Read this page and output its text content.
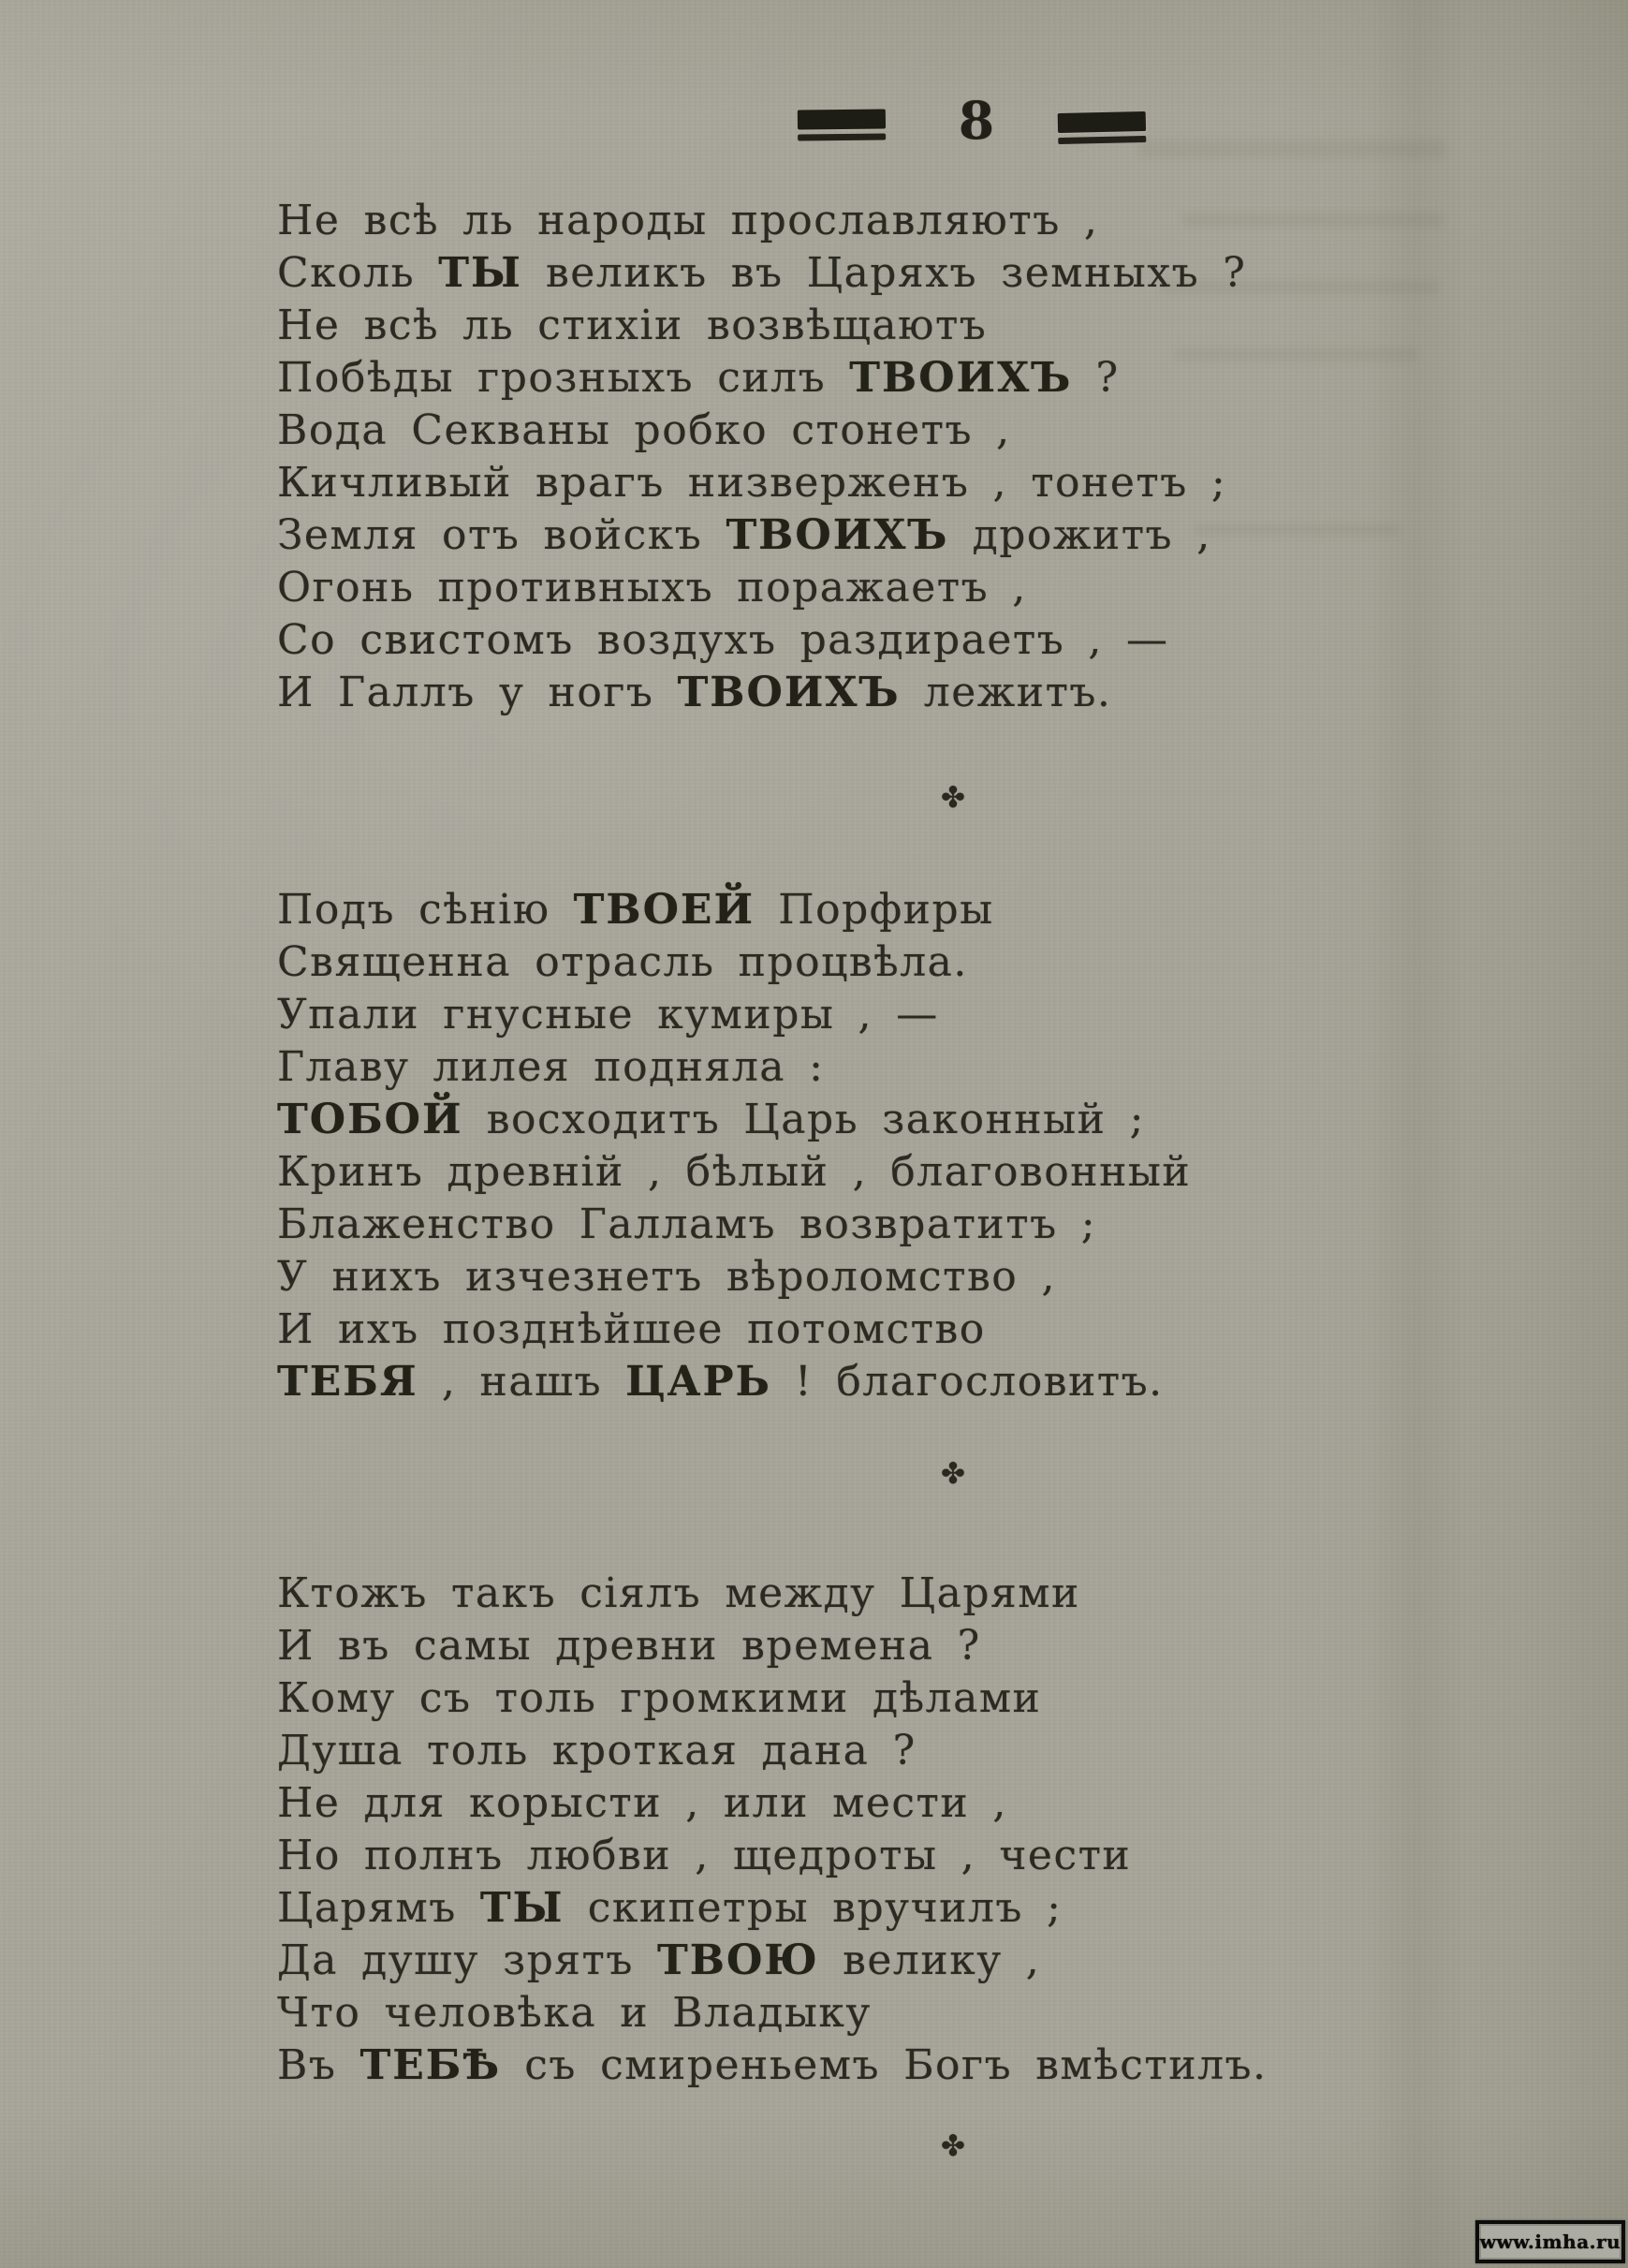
8
Не всѣ ль народы прославляютъ ,
Сколь ТЫ великъ въ Царяхъ земныхъ ?
Не всѣ ль стихіи возвѣщаютъ
Побѣды грозныхъ силъ ТВОИХЪ ?
Вода Секваны робко стонетъ ,
Кичливый врагъ низверженъ , тонетъ ;
Земля отъ войскъ ТВОИХЪ дрожитъ ,
Огонь противныхъ поражаетъ ,
Со свистомъ воздухъ раздираетъ , —
И Галлъ у ногъ ТВОИХЪ лежитъ.
✤
Подъ сѣнію ТВОЕЙ Порфиры
Священна отрасль процвѣла.
Упали гнусные кумиры , —
Главу лилея подняла :
ТОБОЙ восходитъ Царь законный ;
Кринъ древній , бѣлый , благовонный
Блаженство Галламъ возвратитъ ;
У нихъ изчезнетъ вѣроломство ,
И ихъ позднѣйшее потомство
ТЕБЯ , нашъ ЦАРЬ ! благословитъ.
✤
Ктожъ такъ сіялъ между Царями
И въ самы древни времена ?
Кому съ толь громкими дѣлами
Душа толь кроткая дана ?
Не для корысти , или мести ,
Но полнъ любви , щедроты , чести
Царямъ ТЫ скипетры вручилъ ;
Да душу зрятъ ТВОЮ велику ,
Что человѣка и Владыку
Въ ТЕБѢ съ смиреньемъ Богъ вмѣстилъ.
✤
www.imha.ru
